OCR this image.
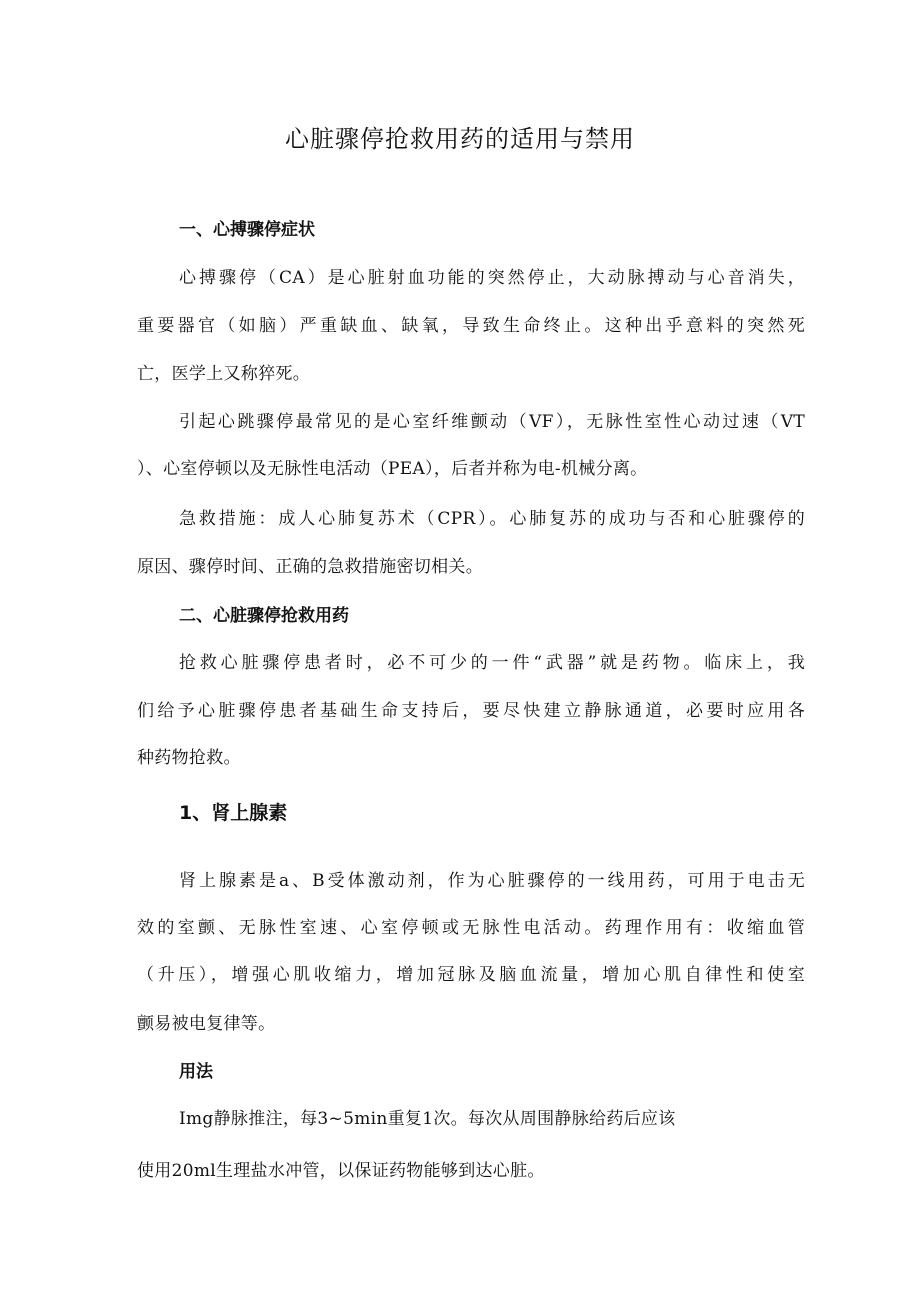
心脏骤停抢救用药的适用与禁用
一、心搏骤停症状

心搏骤停（CA）是心脏射血功能的突然停止，大动脉搏动与心音消失，

重要器官（如脑）严重缺血、缺氧，导致生命终止。这种出乎意料的突然死

亡，医学上又称猝死。

引起心跳骤停最常见的是心室纤维颤动（VF），无脉性室性心动过速（VT

）、心室停顿以及无脉性电活动（PEA），后者并称为电-机械分离。

急救措施：成人心肺复苏术（CPR）。心肺复苏的成功与否和心脏骤停的

原因、骤停时间、正确的急救措施密切相关。

二、心脏骤停抢救用药

抢救心脏骤停患者时，必不可少的一件“武器”就是药物。临床上，我

们给予心脏骤停患者基础生命支持后，要尽快建立静脉通道，必要时应用各

种药物抢救。

1、肾上腺素

肾上腺素是a、B受体激动剂，作为心脏骤停的一线用药，可用于电击无

效的室颤、无脉性室速、心室停顿或无脉性电活动。药理作用有：收缩血管

（升压），增强心肌收缩力，增加冠脉及脑血流量，增加心肌自律性和使室

颤易被电复律等。

用法

Img静脉推注，每3~5min重复1次。每次从周围静脉给药后应该

使用20ml生理盐水冲管，以保证药物能够到达心脏。
